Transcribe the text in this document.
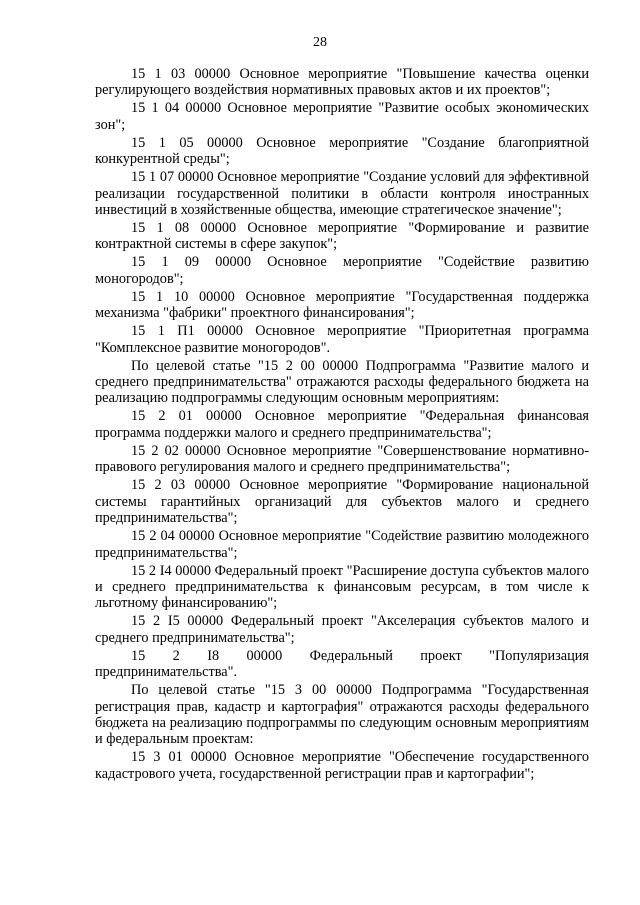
28

15 1 03 00000 Основное мероприятие "Повышение качества оценки регулирующего воздействия нормативных правовых актов и их проектов";

15 1 04 00000 Основное мероприятие "Развитие особых экономических зон";

15 1 05 00000 Основное мероприятие "Создание благоприятной конкурентной среды";

15 1 07 00000 Основное мероприятие "Создание условий для эффективной реализации государственной политики в области контроля иностранных инвестиций в хозяйственные общества, имеющие стратегическое значение";

15 1 08 00000 Основное мероприятие "Формирование и развитие контрактной системы в сфере закупок";

15 1 09 00000 Основное мероприятие "Содействие развитию моногородов";

15 1 10 00000 Основное мероприятие "Государственная поддержка механизма "фабрики" проектного финансирования";

15 1 П1 00000 Основное мероприятие "Приоритетная программа "Комплексное развитие моногородов".

По целевой статье "15 2 00 00000 Подпрограмма "Развитие малого и среднего предпринимательства" отражаются расходы федерального бюджета на реализацию подпрограммы следующим основным мероприятиям:

15 2 01 00000 Основное мероприятие "Федеральная финансовая программа поддержки малого и среднего предпринимательства";

15 2 02 00000 Основное мероприятие "Совершенствование нормативно-правового регулирования малого и среднего предпринимательства";

15 2 03 00000 Основное мероприятие "Формирование национальной системы гарантийных организаций для субъектов малого и среднего предпринимательства";

15 2 04 00000 Основное мероприятие "Содействие развитию молодежного предпринимательства";

15 2 I4 00000 Федеральный проект "Расширение доступа субъектов малого и среднего предпринимательства к финансовым ресурсам, в том числе к льготному финансированию";

15 2 I5 00000 Федеральный проект "Акселерация субъектов малого и среднего предпринимательства";

15 2 I8 00000 Федеральный проект "Популяризация предпринимательства".

По целевой статье "15 3 00 00000 Подпрограмма "Государственная регистрация прав, кадастр и картография" отражаются расходы федерального бюджета на реализацию подпрограммы по следующим основным мероприятиям и федеральным проектам:

15 3 01 00000 Основное мероприятие "Обеспечение государственного кадастрового учета, государственной регистрации прав и картографии";
